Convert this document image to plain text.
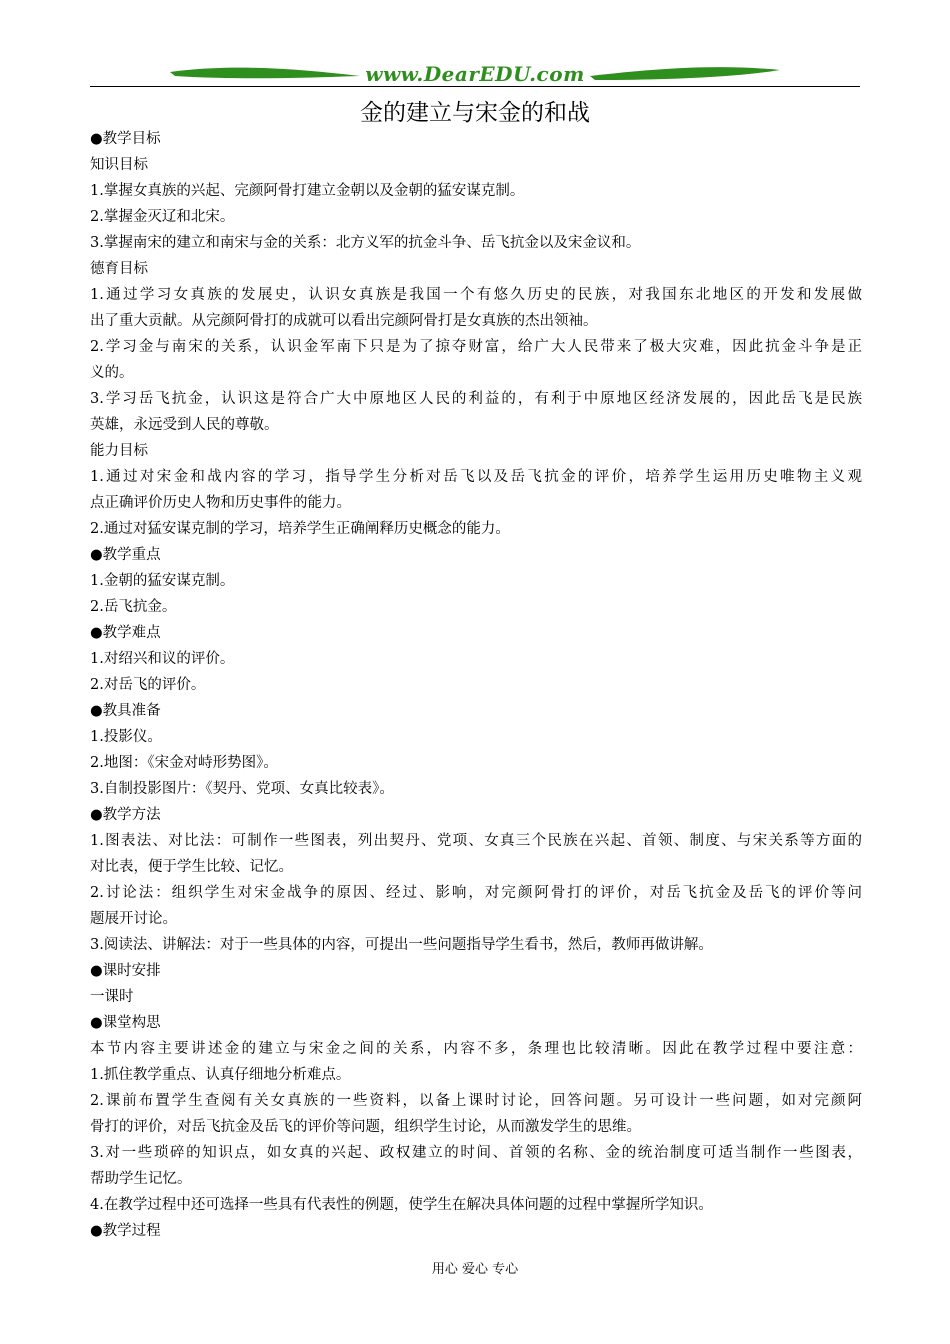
www.DearEDU.com
金的建立与宋金的和战
●教学目标
知识目标
1.掌握女真族的兴起、完颜阿骨打建立金朝以及金朝的猛安谋克制。
2.掌握金灭辽和北宋。
3.掌握南宋的建立和南宋与金的关系：北方义军的抗金斗争、岳飞抗金以及宋金议和。
德育目标
1.通过学习女真族的发展史，认识女真族是我国一个有悠久历史的民族，对我国东北地区的开发和发展做
出了重大贡献。从完颜阿骨打的成就可以看出完颜阿骨打是女真族的杰出领袖。
2.学习金与南宋的关系，认识金军南下只是为了掠夺财富，给广大人民带来了极大灾难，因此抗金斗争是正
义的。
3.学习岳飞抗金，认识这是符合广大中原地区人民的利益的，有利于中原地区经济发展的，因此岳飞是民族
英雄，永远受到人民的尊敬。
能力目标
1.通过对宋金和战内容的学习，指导学生分析对岳飞以及岳飞抗金的评价，培养学生运用历史唯物主义观
点正确评价历史人物和历史事件的能力。
2.通过对猛安谋克制的学习，培养学生正确阐释历史概念的能力。
●教学重点
1.金朝的猛安谋克制。
2.岳飞抗金。
●教学难点
1.对绍兴和议的评价。
2.对岳飞的评价。
●教具准备
1.投影仪。
2.地图：《宋金对峙形势图》。
3.自制投影图片：《契丹、党项、女真比较表》。
●教学方法
1.图表法、对比法：可制作一些图表，列出契丹、党项、女真三个民族在兴起、首领、制度、与宋关系等方面的
对比表，便于学生比较、记忆。
2.讨论法：组织学生对宋金战争的原因、经过、影响，对完颜阿骨打的评价，对岳飞抗金及岳飞的评价等问
题展开讨论。
3.阅读法、讲解法：对于一些具体的内容，可提出一些问题指导学生看书，然后，教师再做讲解。
●课时安排
一课时
●课堂构思
本节内容主要讲述金的建立与宋金之间的关系，内容不多，条理也比较清晰。因此在教学过程中要注意：
1.抓住教学重点、认真仔细地分析难点。
2.课前布置学生查阅有关女真族的一些资料，以备上课时讨论，回答问题。另可设计一些问题，如对完颜阿
骨打的评价，对岳飞抗金及岳飞的评价等问题，组织学生讨论，从而激发学生的思维。
3.对一些琐碎的知识点，如女真的兴起、政权建立的时间、首领的名称、金的统治制度可适当制作一些图表，
帮助学生记忆。
4.在教学过程中还可选择一些具有代表性的例题，使学生在解决具体问题的过程中掌握所学知识。
●教学过程
用心 爱心 专心
